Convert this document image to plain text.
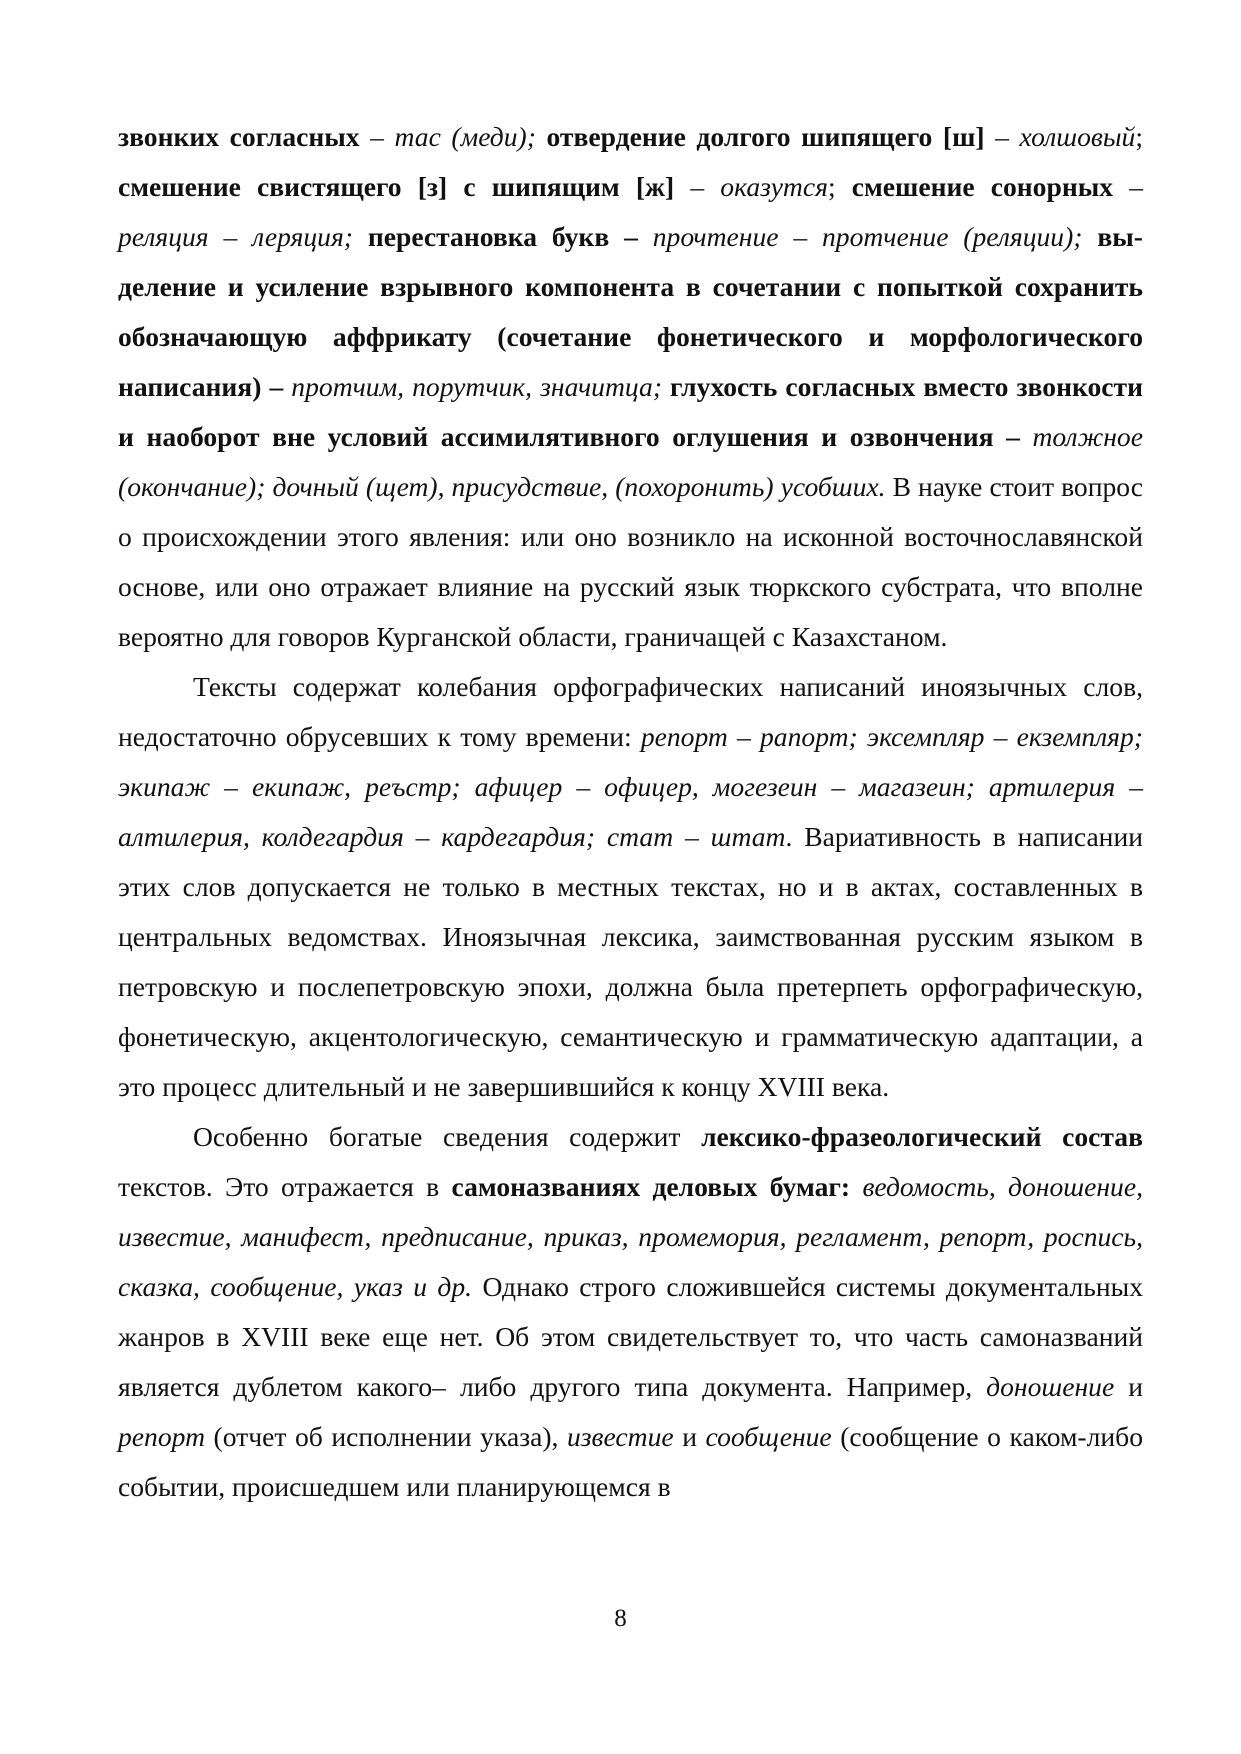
звонких согласных – тас (меди); отвердение долгого шипящего [ш] – холшовый; смешение свистящего [з] с шипящим [ж] – оказутся; смешение сонорных – реляция – леряция; перестановка букв – прочтение – протчение (реляции); выделение и усиление взрывного компонента в сочетании с попыткой сохранить обозначающую аффрикату (сочетание фонетического и морфологического написания) – протчим, порутчик, значитца; глухость согласных вместо звонкости и наоборот вне условий ассимилятивного оглушения и озвончения – толжное (окончание); дочный (щет), присудствие, (похоронить) усобших. В науке стоит вопрос о происхождении этого явления: или оно возникло на исконной восточнославянской основе, или оно отражает влияние на русский язык тюркского субстрата, что вполне вероятно для говоров Курганской области, граничащей с Казахстаном.

Тексты содержат колебания орфографических написаний иноязычных слов, недостаточно обрусевших к тому времени: репорт – рапорт; эксемпляр – екземпляр; экипаж – екипаж, реъстр; афицер – офицер, могезеин – магазеин; артилерия – алтилерия, колдегардия – кардегардия; стат – штат. Вариативность в написании этих слов допускается не только в местных текстах, но и в актах, составленных в центральных ведомствах. Иноязычная лексика, заимствованная русским языком в петровскую и послепетровскую эпохи, должна была претерпеть орфографическую, фонетическую, акцентологическую, семантическую и грамматическую адаптации, а это процесс длительный и не завершившийся к концу XVIII века.

Особенно богатые сведения содержит лексико-фразеологический состав текстов. Это отражается в самоназваниях деловых бумаг: ведомость, доношение, известие, манифест, предписание, приказ, промемория, регламент, репорт, роспись, сказка, сообщение, указ и др. Однако строго сложившейся системы документальных жанров в XVIII веке еще нет. Об этом свидетельствует то, что часть самоназваний является дублетом какого– либо другого типа документа. Например, доношение и репорт (отчет об исполнении указа), известие и сообщение (сообщение о каком-либо событии, происшедшем или планирующемся в

8
